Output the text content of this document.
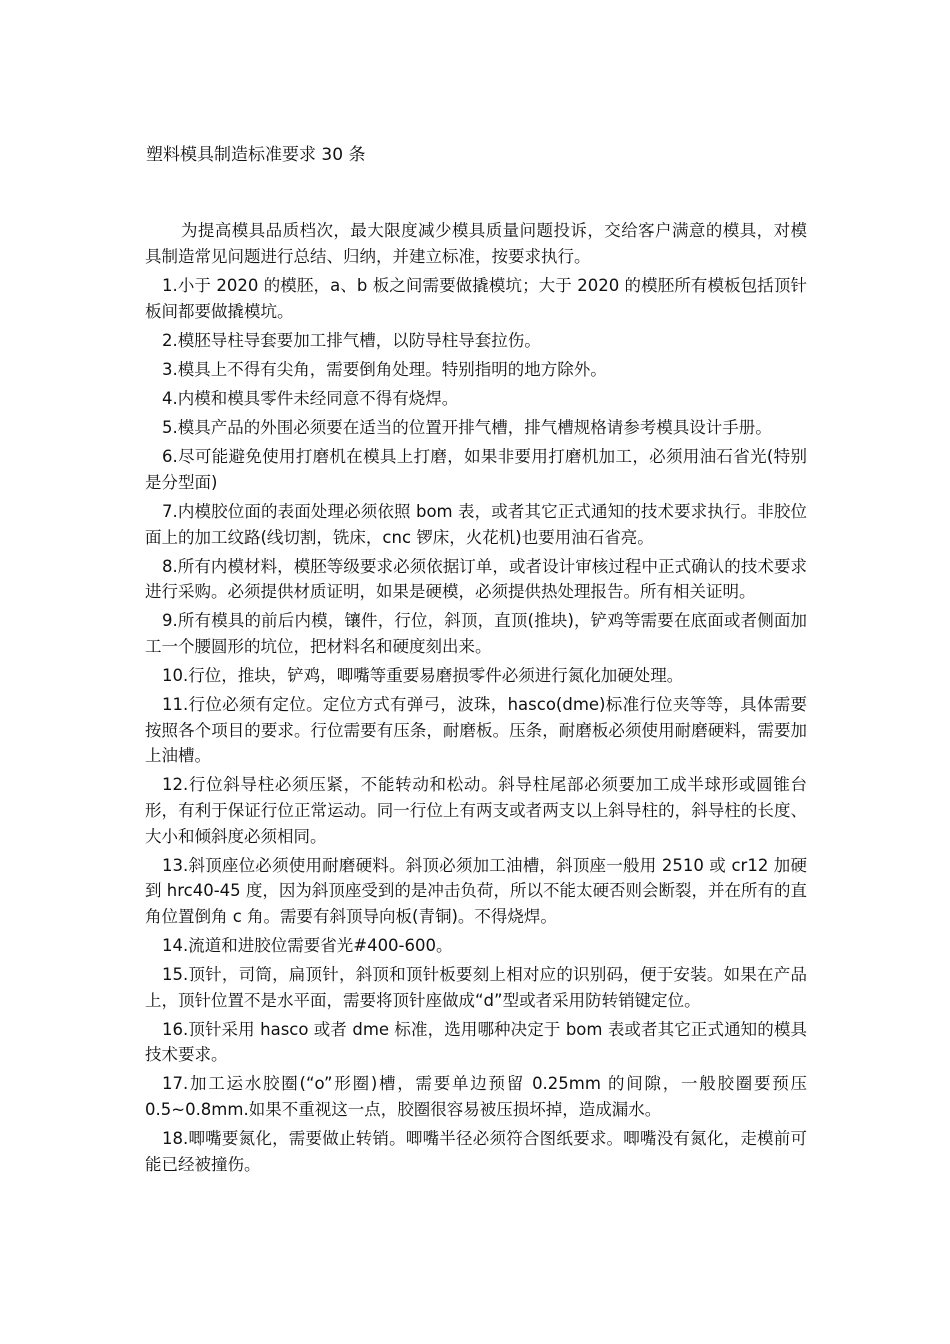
塑料模具制造标准要求 30 条

为提高模具品质档次，最大限度减少模具质量问题投诉，交给客户满意的模具，对模具制造常见问题进行总结、归纳，并建立标准，按要求执行。

1.小于 2020 的模胚，a、b 板之间需要做撬模坑；大于 2020 的模胚所有模板包括顶针板间都要做撬模坑。
2.模胚导柱导套要加工排气槽，以防导柱导套拉伤。
3.模具上不得有尖角，需要倒角处理。特别指明的地方除外。
4.内模和模具零件未经同意不得有烧焊。
5.模具产品的外围必须要在适当的位置开排气槽，排气槽规格请参考模具设计手册。
6.尽可能避免使用打磨机在模具上打磨，如果非要用打磨机加工，必须用油石省光(特别是分型面)
7.内模胶位面的表面处理必须依照 bom 表，或者其它正式通知的技术要求执行。非胶位面上的加工纹路(线切割，铣床，cnc 锣床，火花机)也要用油石省亮。
8.所有内模材料，模胚等级要求必须依据订单，或者设计审核过程中正式确认的技术要求进行采购。必须提供材质证明，如果是硬模，必须提供热处理报告。所有相关证明。
9.所有模具的前后内模，镶件，行位，斜顶，直顶(推块)，铲鸡等需要在底面或者侧面加工一个腰圆形的坑位，把材料名和硬度刻出来。
10.行位，推块，铲鸡，唧嘴等重要易磨损零件必须进行氮化加硬处理。
11.行位必须有定位。定位方式有弹弓，波珠，hasco(dme)标准行位夹等等，具体需要按照各个项目的要求。行位需要有压条，耐磨板。压条，耐磨板必须使用耐磨硬料，需要加上油槽。
12.行位斜导柱必须压紧，不能转动和松动。斜导柱尾部必须要加工成半球形或圆锥台形，有利于保证行位正常运动。同一行位上有两支或者两支以上斜导柱的，斜导柱的长度、大小和倾斜度必须相同。
13.斜顶座位必须使用耐磨硬料。斜顶必须加工油槽，斜顶座一般用 2510 或 cr12 加硬到 hrc40-45 度，因为斜顶座受到的是冲击负荷，所以不能太硬否则会断裂，并在所有的直角位置倒角 c 角。需要有斜顶导向板(青铜)。不得烧焊。
14.流道和进胶位需要省光#400-600。
15.顶针，司筒，扁顶针，斜顶和顶针板要刻上相对应的识别码，便于安装。如果在产品上，顶针位置不是水平面，需要将顶针座做成“d”型或者采用防转销键定位。
16.顶针采用 hasco 或者 dme 标准，选用哪种决定于 bom 表或者其它正式通知的模具技术要求。
17.加工运水胶圈(“o”形圈)槽，需要单边预留 0.25mm 的间隙，一般胶圈要预压 0.5~0.8mm.如果不重视这一点，胶圈很容易被压损坏掉，造成漏水。
18.唧嘴要氮化，需要做止转销。唧嘴半径必须符合图纸要求。唧嘴没有氮化，走模前可能已经被撞伤。
